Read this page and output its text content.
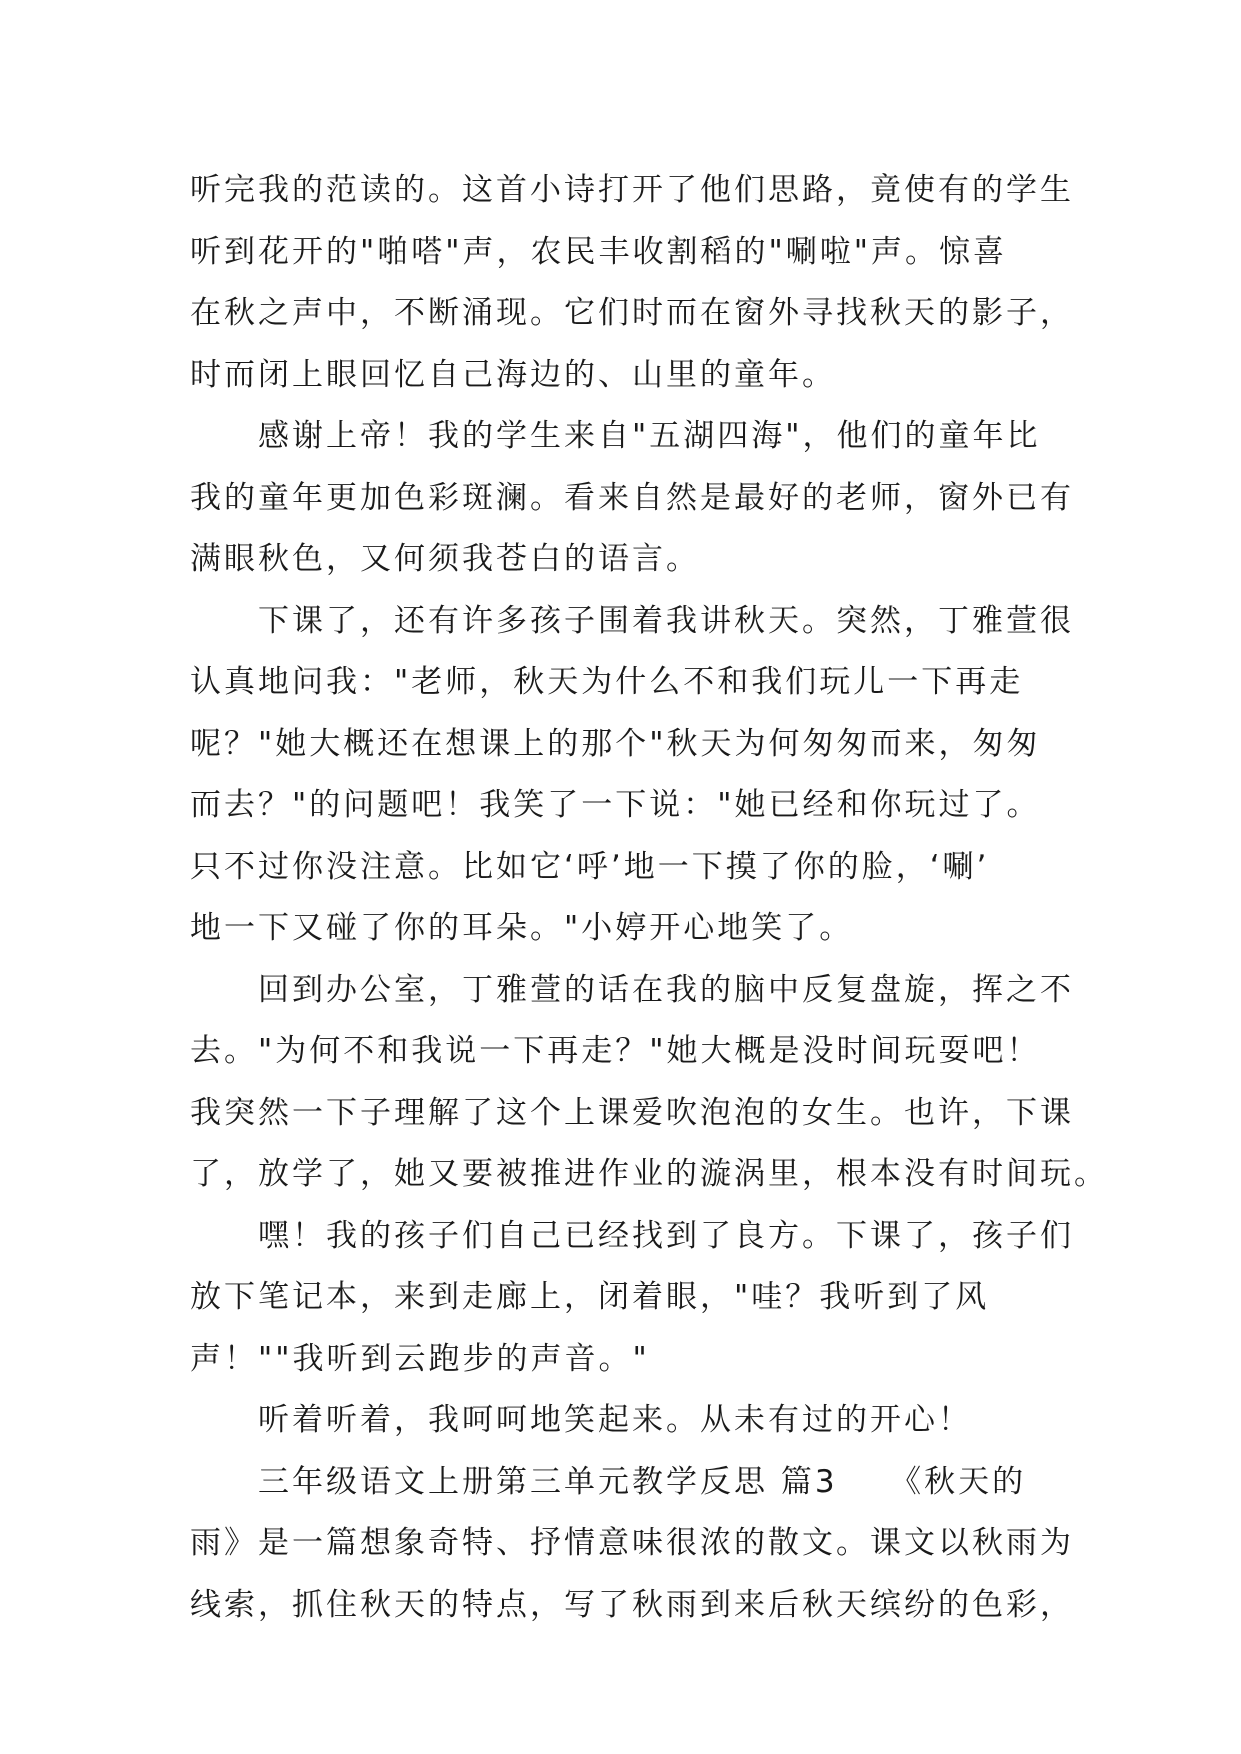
听完我的范读的。这首小诗打开了他们思路，竟使有的学生
听到花开的"啪嗒"声，农民丰收割稻的"唰啦"声。惊喜
在秋之声中，不断涌现。它们时而在窗外寻找秋天的影子，
时而闭上眼回忆自己海边的、山里的童年。
　　感谢上帝！我的学生来自"五湖四海"，他们的童年比
我的童年更加色彩斑澜。看来自然是最好的老师，窗外已有
满眼秋色，又何须我苍白的语言。
　　下课了，还有许多孩子围着我讲秋天。突然，丁雅萱很
认真地问我："老师，秋天为什么不和我们玩儿一下再走
呢？"她大概还在想课上的那个"秋天为何匆匆而来，匆匆
而去？"的问题吧！我笑了一下说："她已经和你玩过了。
只不过你没注意。比如它‘呼’地一下摸了你的脸，‘唰’
地一下又碰了你的耳朵。"小婷开心地笑了。
　　回到办公室，丁雅萱的话在我的脑中反复盘旋，挥之不
去。"为何不和我说一下再走？"她大概是没时间玩耍吧！
我突然一下子理解了这个上课爱吹泡泡的女生。也许，下课
了，放学了，她又要被推进作业的漩涡里，根本没有时间玩。
　　嘿！我的孩子们自己已经找到了良方。下课了，孩子们
放下笔记本，来到走廊上，闭着眼，"哇？我听到了风
声！""我听到云跑步的声音。"
　　听着听着，我呵呵地笑起来。从未有过的开心！
　　三年级语文上册第三单元教学反思 篇3　　《秋天的
雨》是一篇想象奇特、抒情意味很浓的散文。课文以秋雨为
线索，抓住秋天的特点，写了秋雨到来后秋天缤纷的色彩，
